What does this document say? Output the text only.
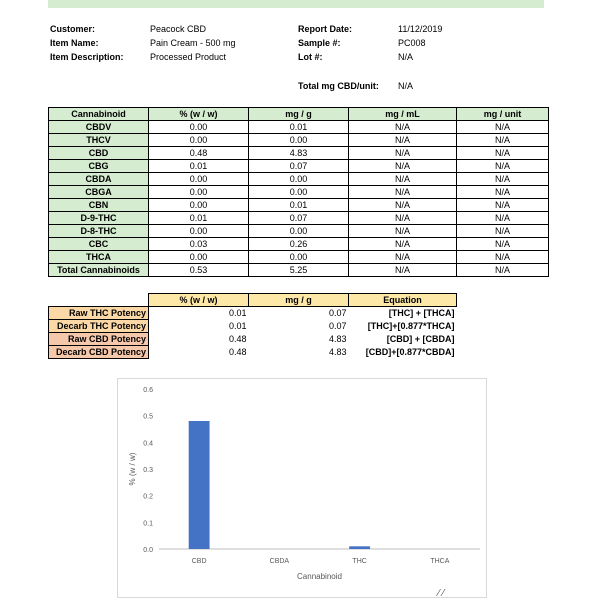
Customer:	Peacock CBD
Item Name:	Pain Cream - 500 mg
Item Description:	Processed Product
Report Date:	11/12/2019
Sample #:	PC008
Lot #:	N/A
Total mg CBD/unit: N/A
Cannabinoid	% (w / w)	mg / g	mg / mL	mg / unit
CBDV	0.00	0.01	N/A	N/A
THCV	0.00	0.00	N/A	N/A
CBD	0.48	4.83	N/A	N/A
CBG	0.01	0.07	N/A	N/A
CBDA	0.00	0.00	N/A	N/A
CBGA	0.00	0.00	N/A	N/A
CBN	0.00	0.01	N/A	N/A
D-9-THC	0.01	0.07	N/A	N/A
D-8-THC	0.00	0.00	N/A	N/A
CBC	0.03	0.26	N/A	N/A
THCA	0.00	0.00	N/A	N/A
Total Cannabinoids	0.53	5.25	N/A	N/A
	% (w / w)	mg / g	Equation
Raw THC Potency	0.01	0.07	[THC] + [THCA]
Decarb THC Potency	0.01	0.07	[THC]+[0.877*THCA]
Raw CBD Potency	0.48	4.83	[CBD] + [CBDA]
Decarb CBD Potency	0.48	4.83	[CBD]+[0.877*CBDA]
0.0
0.1
0.2
0.3
0.4
0.5
0.6
CBD	CBDA	THC	THCA
Cannabinoid
% (w / w)
⁄ ⁄
